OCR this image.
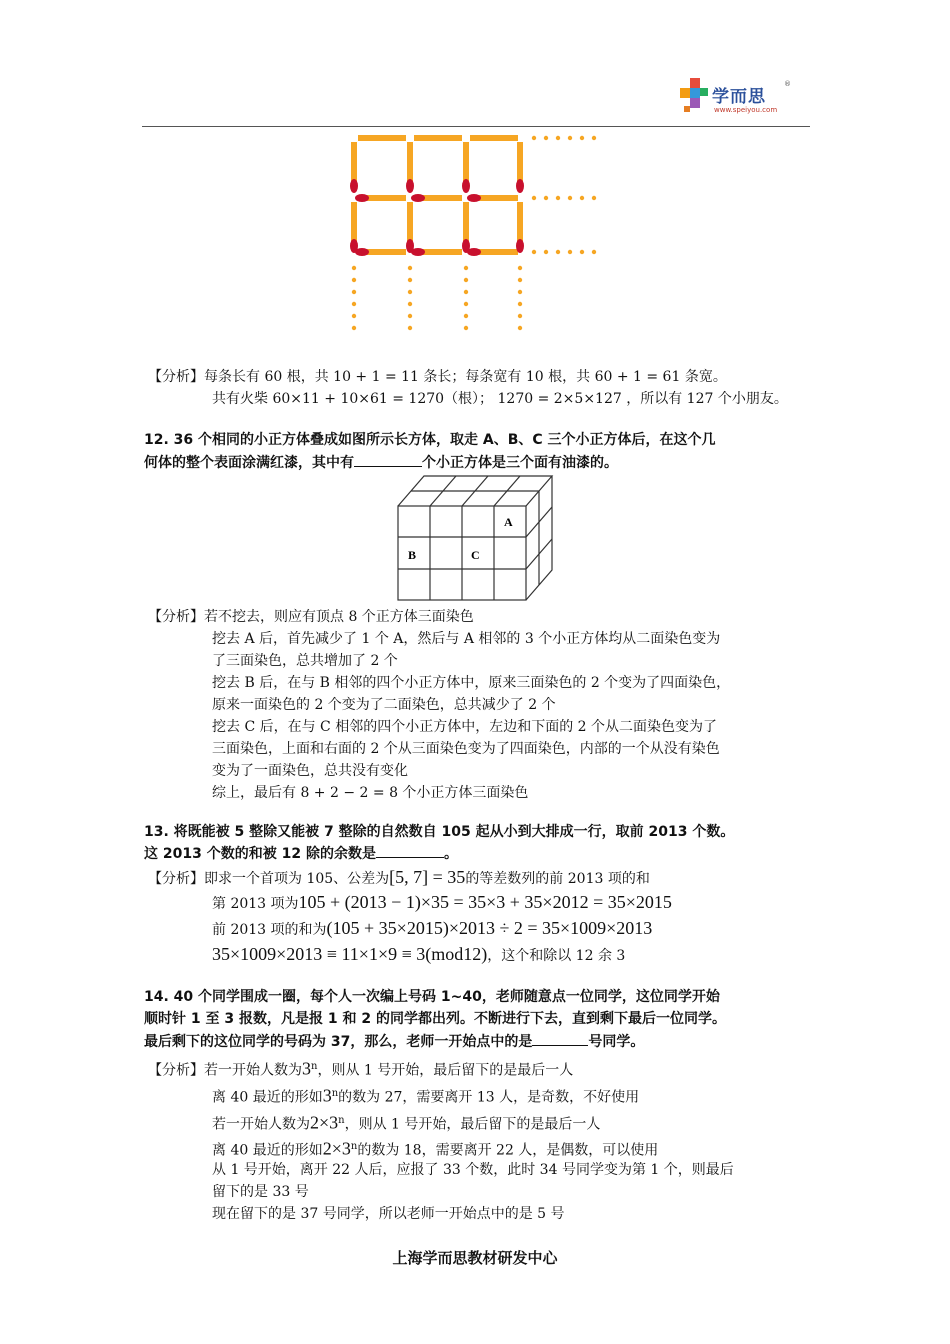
学而思
®
www.speiyou.com
【分析】每条长有 60 根，共 10 + 1 = 11 条长；每条宽有 10 根，共 60 + 1 = 61 条宽。
共有火柴 60×11 + 10×61 = 1270（根）； 1270 = 2×5×127 ，所以有 127 个小朋友。
12. 36 个相同的小正方体叠成如图所示长方体，取走 A、B、C 三个小正方体后，在这个几
何体的整个表面涂满红漆，其中有	个小正方体是三个面有油漆的。
A
B	C
【分析】若不挖去，则应有顶点 8 个正方体三面染色
挖去 A 后，首先减少了 1 个 A，然后与 A 相邻的 3 个小正方体均从二面染色变为
了三面染色，总共增加了 2 个
挖去 B 后，在与 B 相邻的四个小正方体中，原来三面染色的 2 个变为了四面染色，
原来一面染色的 2 个变为了二面染色，总共减少了 2 个
挖去 C 后，在与 C 相邻的四个小正方体中，左边和下面的 2 个从二面染色变为了
三面染色，上面和右面的 2 个从三面染色变为了四面染色，内部的一个从没有染色
变为了一面染色，总共没有变化
综上，最后有 8 + 2 − 2 = 8 个小正方体三面染色
13. 将既能被 5 整除又能被 7 整除的自然数自 105 起从小到大排成一行，取前 2013 个数。
这 2013 个数的和被 12 除的余数是	。
【分析】即求一个首项为 105、公差为[5, 7] = 35的等差数列的前 2013 项的和
第 2013 项为105 + (2013 − 1)×35 = 35×3 + 35×2012 = 35×2015
前 2013 项的和为(105 + 35×2015)×2013 ÷ 2 = 35×1009×2013
35×1009×2013 ≡ 11×1×9 ≡ 3(mod12)，这个和除以 12 余 3
14. 40 个同学围成一圈，每个人一次编上号码 1~40，老师随意点一位同学，这位同学开始
顺时针 1 至 3 报数，凡是报 1 和 2 的同学都出列。不断进行下去，直到剩下最后一位同学。
最后剩下的这位同学的号码为 37，那么，老师一开始点中的是	号同学。
【分析】若一开始人数为3$^n$，则从 1 号开始，最后留下的是最后一人
离 40 最近的形如3$^n$的数为 27，需要离开 13 人，是奇数，不好使用
若一开始人数为$2\times 3^n$，则从 1 号开始，最后留下的是最后一人
离 40 最近的形如$2\times 3^n$的数为 18，需要离开 22 人，是偶数，可以使用
从 1 号开始，离开 22 人后，应报了 33 个数，此时 34 号同学变为第 1 个，则最后
留下的是 33 号
现在留下的是 37 号同学，所以老师一开始点中的是 5 号
上海学而思教材研发中心
